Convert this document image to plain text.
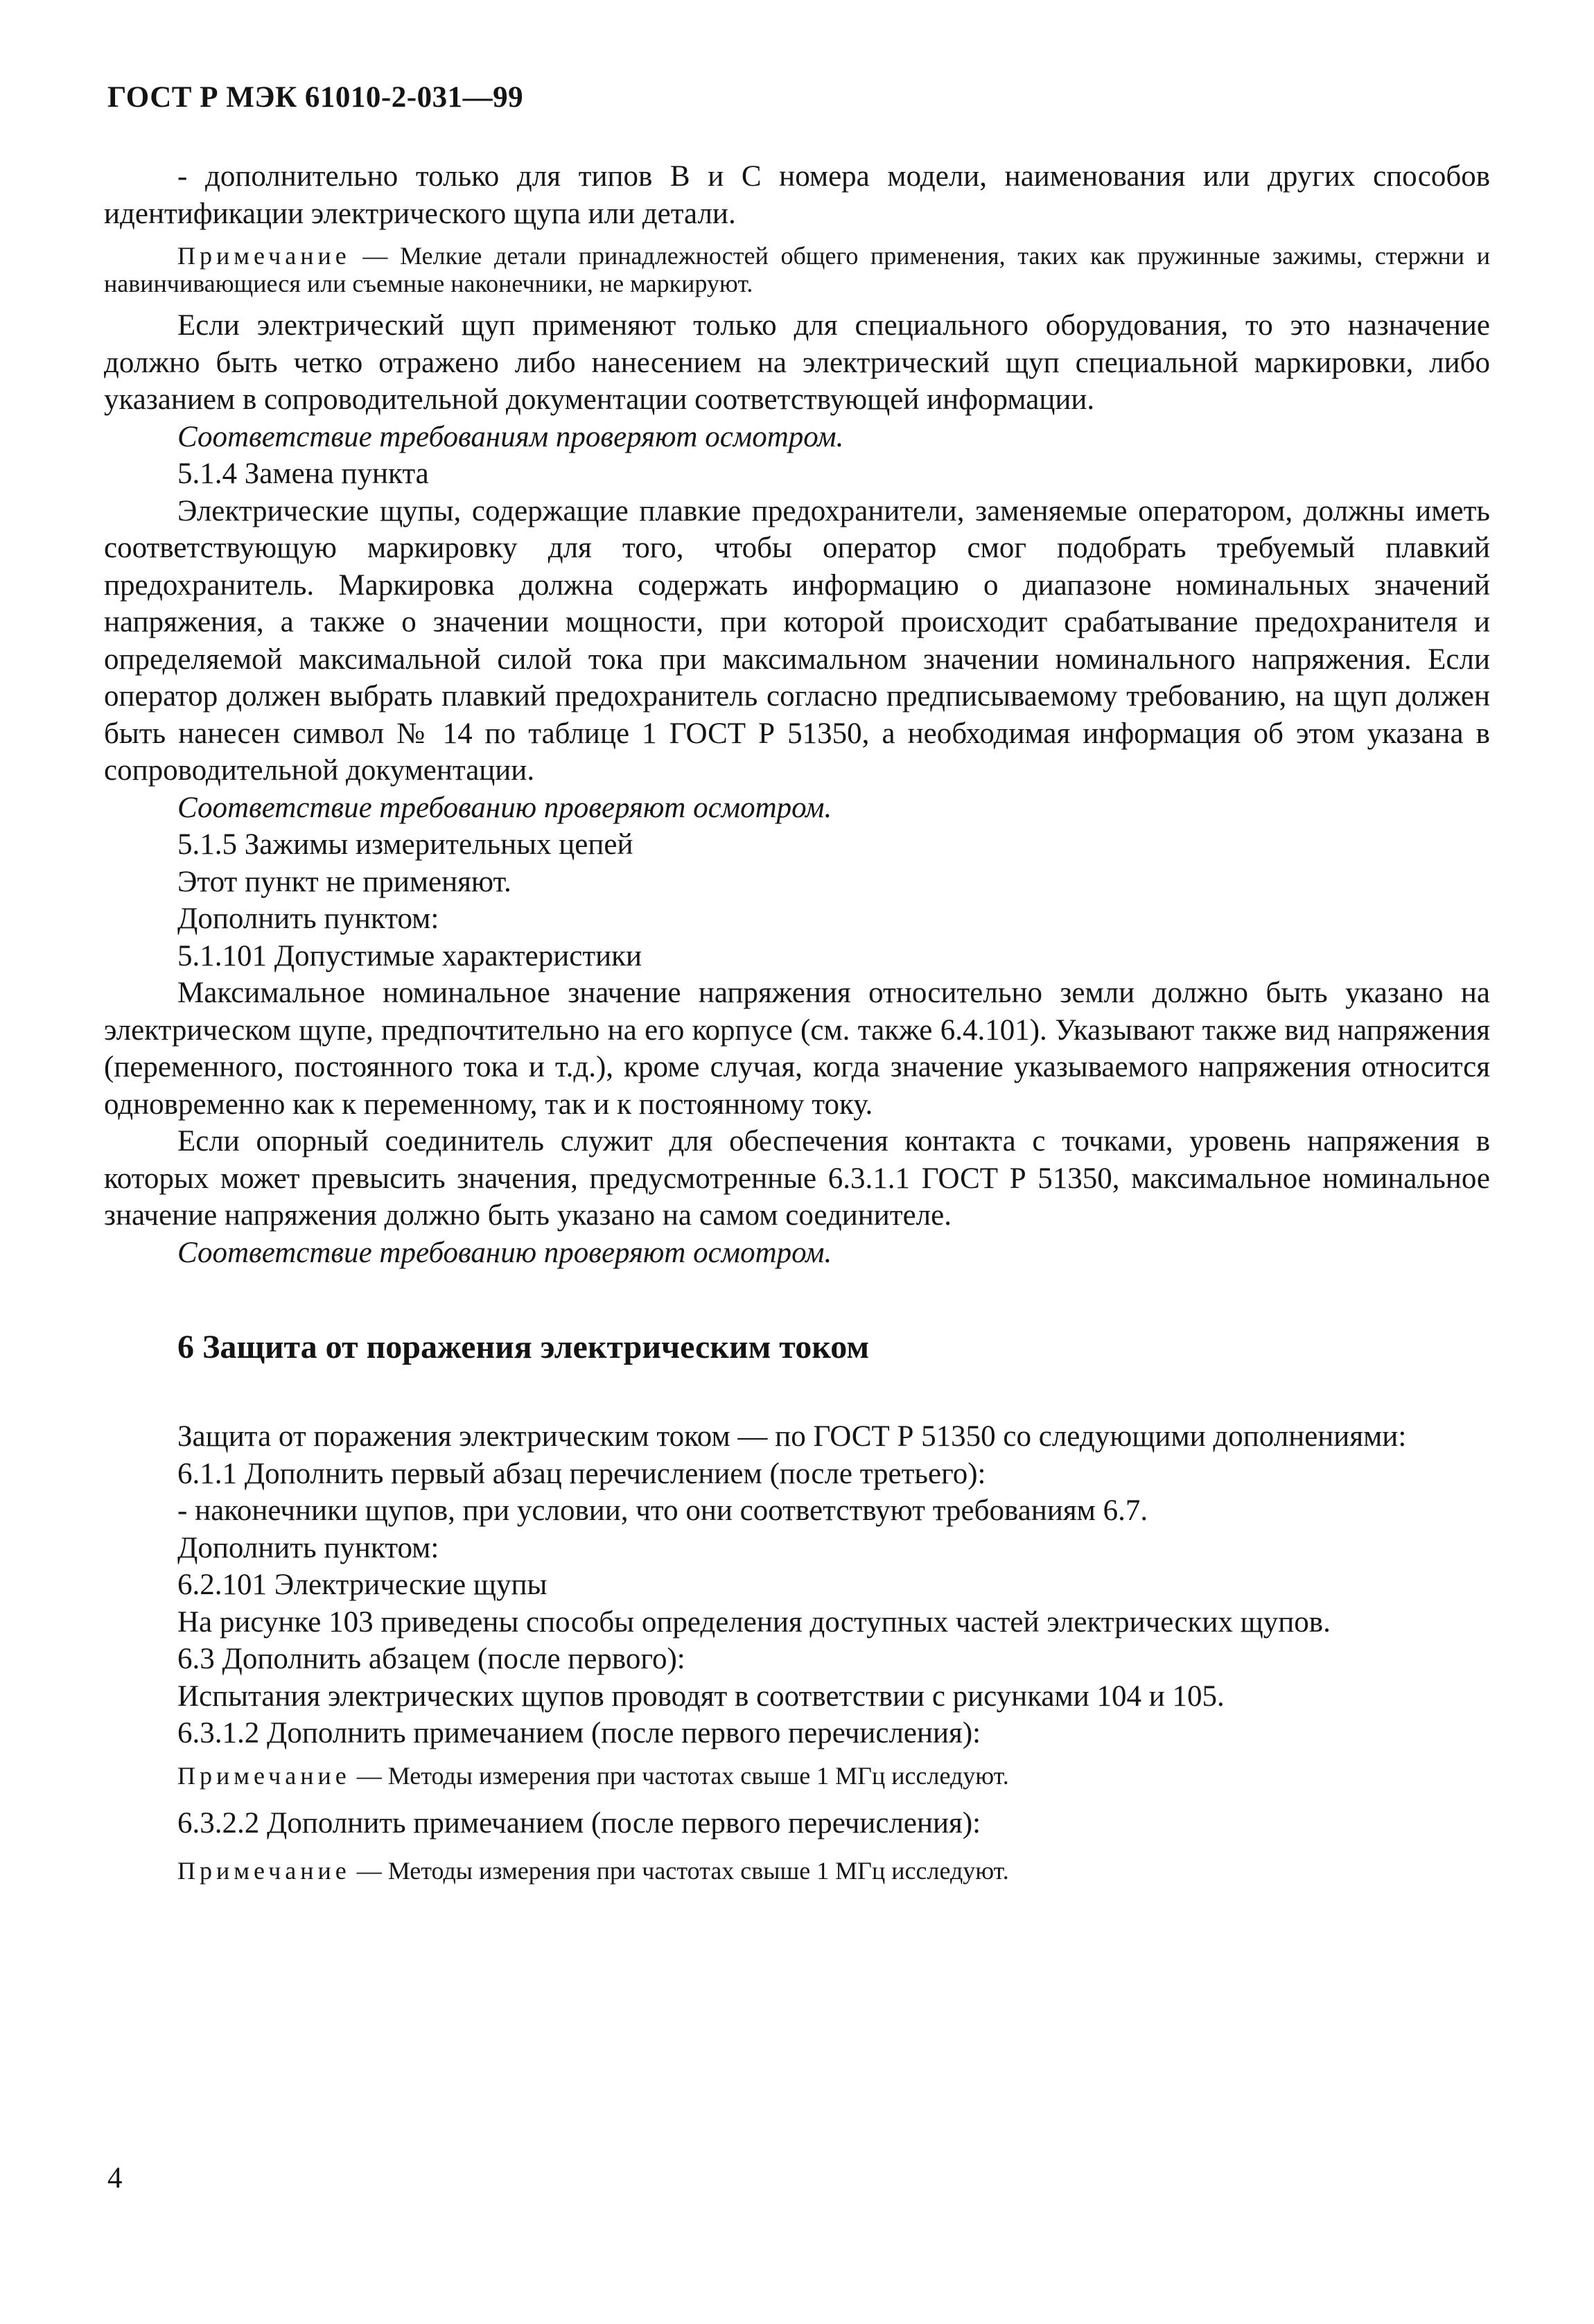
ГОСТ Р МЭК 61010-2-031—99

- дополнительно только для типов В и С номера модели, наименования или других способов идентификации электрического щупа или детали.

Примечание — Мелкие детали принадлежностей общего применения, таких как пружинные зажимы, стержни и навинчивающиеся или съемные наконечники, не маркируют.

Если электрический щуп применяют только для специального оборудования, то это назначение должно быть четко отражено либо нанесением на электрический щуп специальной маркировки, либо указанием в сопроводительной документации соответствующей информации.

Соответствие требованиям проверяют осмотром.

5.1.4 Замена пункта

Электрические щупы, содержащие плавкие предохранители, заменяемые оператором, должны иметь соответствующую маркировку для того, чтобы оператор смог подобрать требуемый плавкий предохранитель. Маркировка должна содержать информацию о диапазоне номинальных значений напряжения, а также о значении мощности, при которой происходит срабатывание предохранителя и определяемой максимальной силой тока при максимальном значении номинального напряжения. Если оператор должен выбрать плавкий предохранитель согласно предписываемому требованию, на щуп должен быть нанесен символ № 14 по таблице 1 ГОСТ Р 51350, а необходимая информация об этом указана в сопроводительной документации.

Соответствие требованию проверяют осмотром.

5.1.5 Зажимы измерительных цепей

Этот пункт не применяют.

Дополнить пунктом:

5.1.101 Допустимые характеристики

Максимальное номинальное значение напряжения относительно земли должно быть указано на электрическом щупе, предпочтительно на его корпусе (см. также 6.4.101). Указывают также вид напряжения (переменного, постоянного тока и т.д.), кроме случая, когда значение указываемого напряжения относится одновременно как к переменному, так и к постоянному току.

Если опорный соединитель служит для обеспечения контакта с точками, уровень напряжения в которых может превысить значения, предусмотренные 6.3.1.1 ГОСТ Р 51350, максимальное номинальное значение напряжения должно быть указано на самом соединителе.

Соответствие требованию проверяют осмотром.

6 Защита от поражения электрическим током

Защита от поражения электрическим током — по ГОСТ Р 51350 со следующими дополнениями:

6.1.1 Дополнить первый абзац перечислением (после третьего):

- наконечники щупов, при условии, что они соответствуют требованиям 6.7.

Дополнить пунктом:

6.2.101 Электрические щупы

На рисунке 103 приведены способы определения доступных частей электрических щупов.

6.3 Дополнить абзацем (после первого):

Испытания электрических щупов проводят в соответствии с рисунками 104 и 105.

6.3.1.2 Дополнить примечанием (после первого перечисления):

Примечание — Методы измерения при частотах свыше 1 МГц исследуют.

6.3.2.2 Дополнить примечанием (после первого перечисления):

Примечание — Методы измерения при частотах свыше 1 МГц исследуют.

4
